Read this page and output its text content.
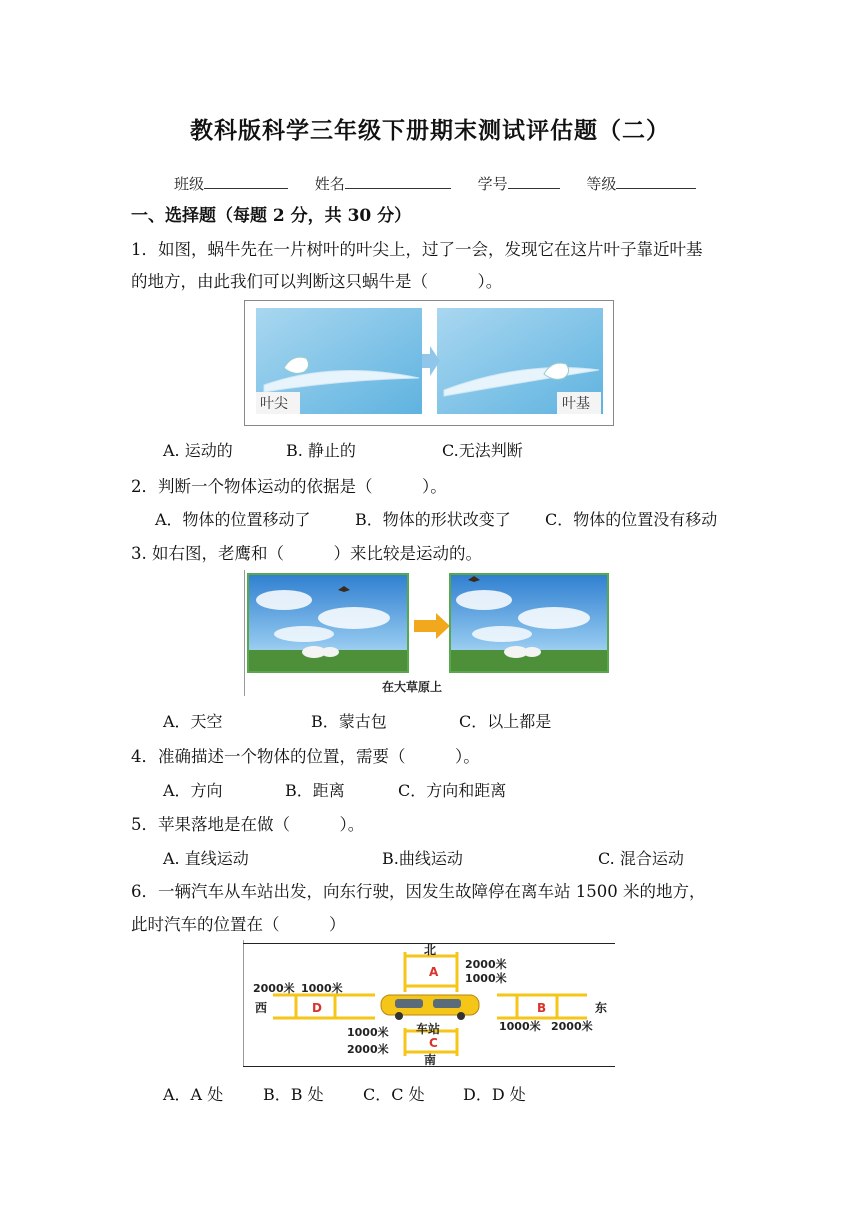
教科版科学三年级下册期末测试评估题（二）
班级	姓名	学号	等级
一、选择题（每题 2 分，共 30 分）
1．如图，蜗牛先在一片树叶的叶尖上，过了一会，发现它在这片叶子靠近叶基
的地方，由此我们可以判断这只蜗牛是（　　　）。
叶尖	叶基
A. 运动的	B. 静止的	C.无法判断
2．判断一个物体运动的依据是（　　　）。
A．物体的位置移动了	B．物体的形状改变了 C．物体的位置没有移动
3. 如右图，老鹰和（　　　）来比较是运动的。
在大草原上
A．天空	B．蒙古包	C．以上都是
4．准确描述一个物体的位置，需要（　　　）。
A．方向	B．距离	C．方向和距离
5．苹果落地是在做（　　　）。
A. 直线运动	B.曲线运动	C. 混合运动
6．一辆汽车从车站出发，向东行驶，因发生故障停在离车站 1500 米的地方，
此时汽车的位置在（　　　）
北
南
西	东
A
B
C
D
2000米
1000米
2000米 1000米
1000米 2000米
1000米
2000米
车站
A．A 处 B．B 处 C．C 处 D．D 处
